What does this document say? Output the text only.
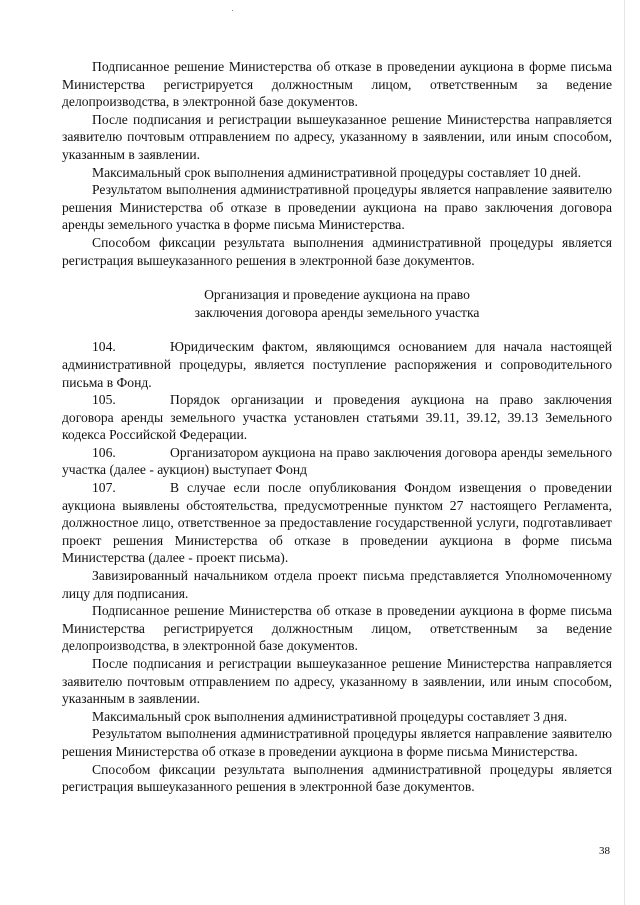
Подписанное решение Министерства об отказе в проведении аукциона в форме письма Министерства регистрируется должностным лицом, ответственным за ведение делопроизводства, в электронной базе документов.

После подписания и регистрации вышеуказанное решение Министерства направляется заявителю почтовым отправлением по адресу, указанному в заявлении, или иным способом, указанным в заявлении.

Максимальный срок выполнения административной процедуры составляет 10 дней.

Результатом выполнения административной процедуры является направление заявителю решения Министерства об отказе в проведении аукциона на право заключения договора аренды земельного участка в форме письма Министерства.

Способом фиксации результата выполнения административной процедуры является регистрация вышеуказанного решения в электронной базе документов.

Организация и проведение аукциона на право
заключения договора аренды земельного участка

104.	Юридическим фактом, являющимся основанием для начала настоящей административной процедуры, является поступление распоряжения и сопроводительного письма в Фонд.

105.	Порядок организации и проведения аукциона на право заключения договора аренды земельного участка установлен статьями 39.11, 39.12, 39.13 Земельного кодекса Российской Федерации.

106.	Организатором аукциона на право заключения договора аренды земельного участка (далее - аукцион) выступает Фонд

107.	В случае если после опубликования Фондом извещения о проведении аукциона выявлены обстоятельства, предусмотренные пунктом 27 настоящего Регламента, должностное лицо, ответственное за предоставление государственной услуги, подготавливает проект решения Министерства об отказе в проведении аукциона в форме письма Министерства (далее - проект письма).

Завизированный начальником отдела проект письма представляется Уполномоченному лицу для подписания.

Подписанное решение Министерства об отказе в проведении аукциона в форме письма Министерства регистрируется должностным лицом, ответственным за ведение делопроизводства, в электронной базе документов.

После подписания и регистрации вышеуказанное решение Министерства направляется заявителю почтовым отправлением по адресу, указанному в заявлении, или иным способом, указанным в заявлении.

Максимальный срок выполнения административной процедуры составляет 3 дня.

Результатом выполнения административной процедуры является направление заявителю решения Министерства об отказе в проведении аукциона в форме письма Министерства.

Способом фиксации результата выполнения административной процедуры является регистрация вышеуказанного решения в электронной базе документов.

38
